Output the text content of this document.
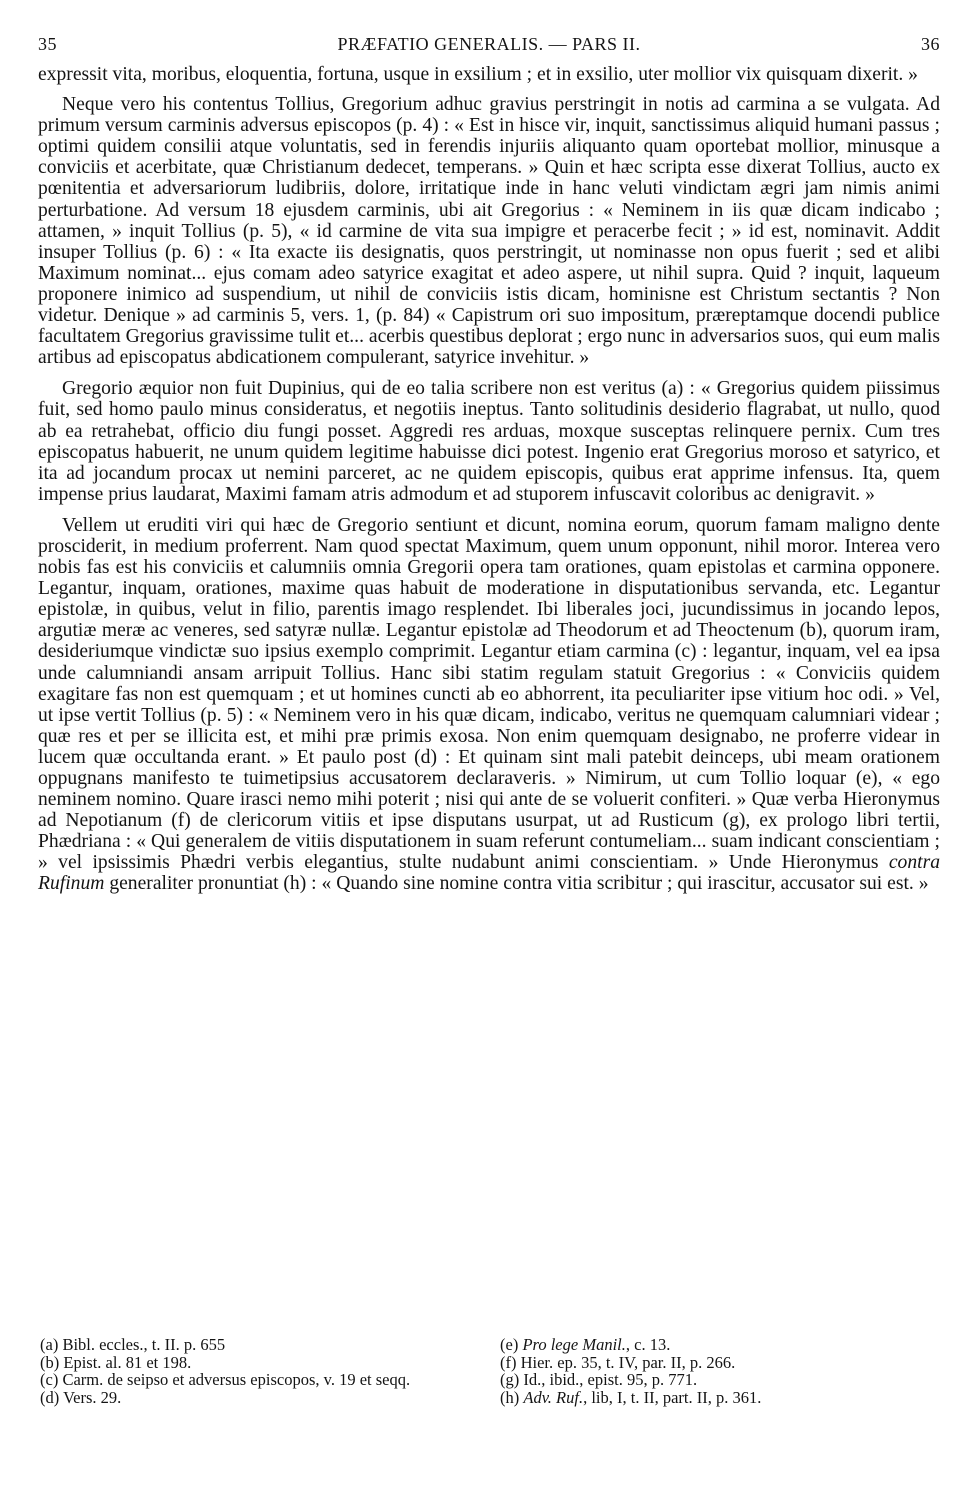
35	PRÆFATIO GENERALIS. — PARS II.	36

expressit vita, moribus, eloquentia, fortuna, usque in exsilium ; et in exsilio, uter mollior vix quisquam dixerit. »

Neque vero his contentus Tollius, Gregorium adhuc gravius perstringit in notis ad carmina a se vulgata. Ad primum versum carminis adversus episcopos (p. 4) : « Est in hisce vir, inquit, sanctissimus aliquid humani passus ; optimi quidem consilii atque voluntatis, sed in ferendis injuriis aliquanto quam oportebat mollior, minusque a conviciis et acerbitate, quæ Christianum dedecet, temperans. » Quin et hæc scripta esse dixerat Tollius, aucto ex pœnitentia et adversariorum ludibriis, dolore, irritatique inde in hanc veluti vindictam ægri jam nimis animi perturbatione. Ad versum 18 ejusdem carminis, ubi ait Gregorius : « Neminem in iis quæ dicam indicabo ; attamen, » inquit Tollius (p. 5), « id carmine de vita sua impigre et peracerbe fecit ; » id est, nominavit. Addit insuper Tollius (p. 6) : « Ita exacte iis designatis, quos perstringit, ut nominasse non opus fuerit ; sed et alibi Maximum nominat... ejus comam adeo satyrice exagitat et adeo aspere, ut nihil supra. Quid ? inquit, laqueum proponere inimico ad suspendium, ut nihil de conviciis istis dicam, hominisne est Christum sectantis ? Non videtur. Denique » ad carminis 5, vers. 1, (p. 84) « Capistrum ori suo impositum, præreptamque docendi publice facultatem Gregorius gravissime tulit et... acerbis questibus deplorat ; ergo nunc in adversarios suos, qui eum malis artibus ad episcopatus abdicationem compulerant, satyrice invehitur. »

Gregorio æquior non fuit Dupinius, qui de eo talia scribere non est veritus (a) : « Gregorius quidem piissimus fuit, sed homo paulo minus consideratus, et negotiis ineptus. Tanto solitudinis desiderio flagrabat, ut nullo, quod ab ea retrahebat, officio diu fungi posset. Aggredi res arduas, moxque susceptas relinquere pernix. Cum tres episcopatus habuerit, ne unum quidem legitime habuisse dici potest. Ingenio erat Gregorius moroso et satyrico, et ita ad jocandum procax ut nemini parceret, ac ne quidem episcopis, quibus erat apprime infensus. Ita, quem impense prius laudarat, Maximi famam atris admodum et ad stuporem infuscavit coloribus ac denigravit. »

Vellem ut eruditi viri qui hæc de Gregorio sentiunt et dicunt, nomina eorum, quorum famam maligno dente prosciderit, in medium proferrent. Nam quod spectat Maximum, quem unum opponunt, nihil moror. Interea vero nobis fas est his conviciis et calumniis omnia Gregorii opera tam orationes, quam epistolas et carmina opponere. Legantur, inquam, orationes, maxime quas habuit de moderatione in disputationibus servanda, etc. Legantur epistolæ, in quibus, velut in filio, parentis imago resplendet. Ibi liberales joci, jucundissimus in jocando lepos, argutiæ meræ ac veneres, sed satyræ nullæ. Legantur epistolæ ad Theodorum et ad Theoctenum (b), quorum iram, desideriumque vindictæ suo ipsius exemplo comprimit. Legantur etiam carmina (c) : legantur, inquam, vel ea ipsa unde calumniandi ansam arripuit Tollius. Hanc sibi statim regulam statuit Gregorius : « Conviciis quidem exagitare fas non est quemquam ; et ut homines cuncti ab eo abhorrent, ita peculiariter ipse vitium hoc odi. » Vel, ut ipse vertit Tollius (p. 5) : « Neminem vero in his quæ dicam, indicabo, veritus ne quemquam calumniari videar ; quæ res et per se illicita est, et mihi præ primis exosa. Non enim quemquam designabo, ne proferre videar in lucem quæ occultanda erant. » Et paulo post (d) : Et quinam sint mali patebit deinceps, ubi meam orationem oppugnans manifesto te tuimetipsius accusatorem declaraveris. » Nimirum, ut cum Tollio loquar (e), « ego neminem nomino. Quare irasci nemo mihi poterit ; nisi qui ante de se voluerit confiteri. » Quæ verba Hieronymus ad Nepotianum (f) de clericorum vitiis et ipse disputans usurpat, ut ad Rusticum (g), ex prologo libri tertii, Phædriana : « Qui generalem de vitiis disputationem in suam referunt contumeliam... suam indicant conscientiam ; » vel ipsissimis Phædri verbis elegantius, stulte nudabunt animi conscientiam. » Unde Hieronymus contra Rufinum generaliter pronuntiat (h) : « Quando sine nomine contra vitia scribitur ; qui irascitur, accusator sui est. »

(a) Bibl. eccles., t. II. p. 655

(b) Epist. al. 81 et 198.

(c) Carm. de seipso et adversus episcopos, v. 19 et seqq.

(d) Vers. 29.

(e) Pro lege Manil., c. 13.

(f) Hier. ep. 35, t. IV, par. II, p. 266.

(g) Id., ibid., epist. 95, p. 771.

(h) Adv. Ruf., lib, I, t. II, part. II, p. 361.
